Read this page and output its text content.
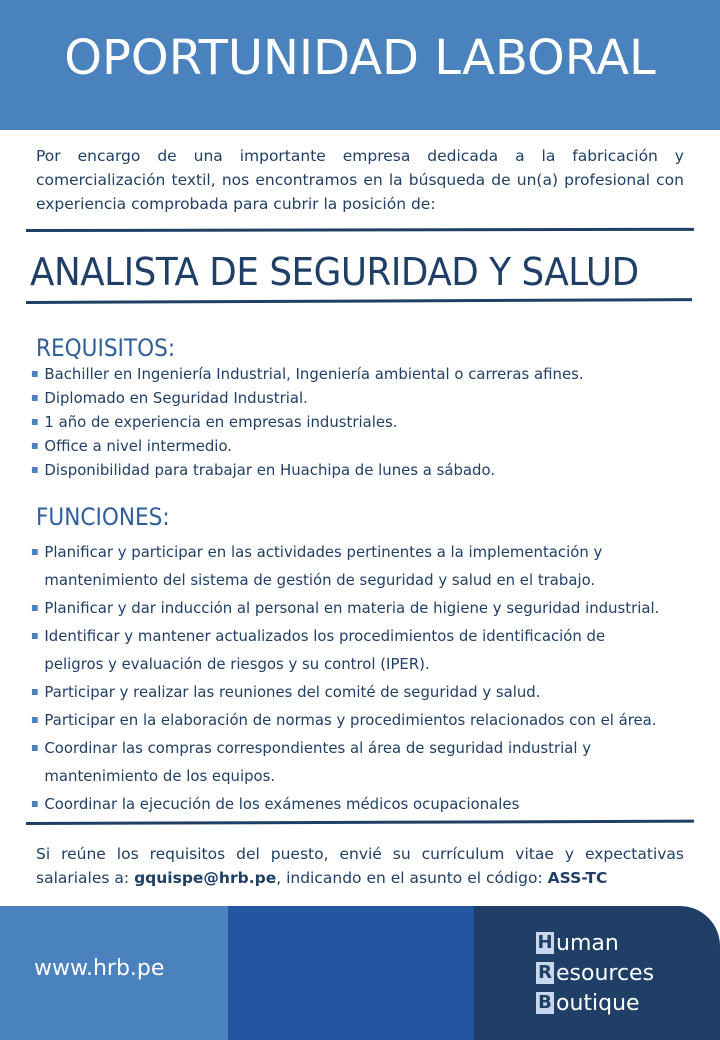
OPORTUNIDAD LABORAL
Por encargo de una importante empresa dedicada a la fabricación y comercialización textil, nos encontramos en la búsqueda de un(a) profesional con experiencia comprobada para cubrir la posición de:
ANALISTA DE SEGURIDAD Y SALUD
REQUISITOS:
Bachiller en Ingeniería Industrial, Ingeniería ambiental o carreras afines.
Diplomado en Seguridad Industrial.
1 año de experiencia en empresas industriales.
Office a nivel intermedio.
Disponibilidad para trabajar en Huachipa de lunes a sábado.
FUNCIONES:
Planificar y participar en las actividades pertinentes a la implementación y
mantenimiento del sistema de gestión de seguridad y salud en el trabajo.
Planificar y dar inducción al personal en materia de higiene y seguridad industrial.
Identificar y mantener actualizados los procedimientos de identificación de
peligros y evaluación de riesgos y su control (IPER).
Participar y realizar las reuniones del comité de seguridad y salud.
Participar en la elaboración de normas y procedimientos relacionados con el área.
Coordinar las compras correspondientes al área de seguridad industrial y
mantenimiento de los equipos.
Coordinar la ejecución de los exámenes médicos ocupacionales
Si reúne los requisitos del puesto, envié su currículum vitae y expectativas salariales a: gquispe@hrb.pe, indicando en el asunto el código: ASS-TC
www.hrb.pe
H uman
R esources
B outique
